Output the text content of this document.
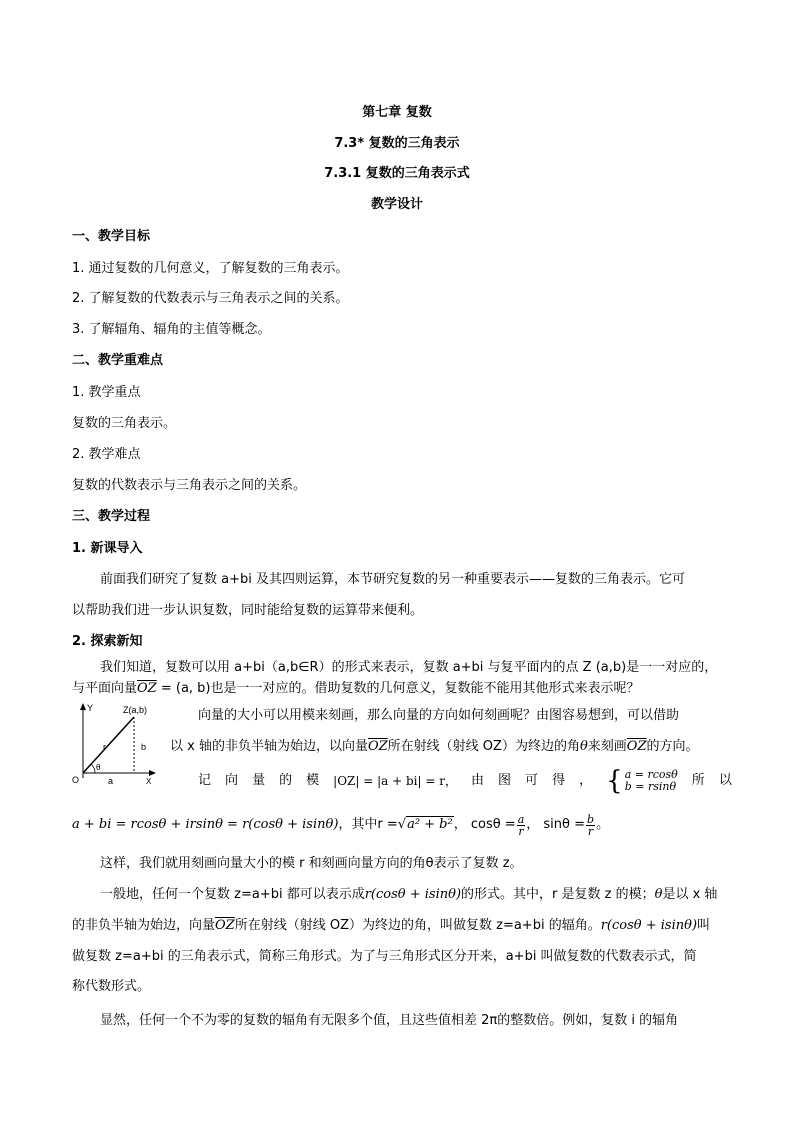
第七章 复数
7.3* 复数的三角表示
7.3.1 复数的三角表示式
教学设计
一、教学目标
1. 通过复数的几何意义，了解复数的三角表示。
2. 了解复数的代数表示与三角表示之间的关系。
3. 了解辐角、辐角的主值等概念。
二、教学重难点
1. 教学重点
复数的三角表示。
2. 教学难点
复数的代数表示与三角表示之间的关系。
三、教学过程
1. 新课导入
前面我们研究了复数 a+bi 及其四则运算，本节研究复数的另一种重要表示——复数的三角表示。它可
以帮助我们进一步认识复数，同时能给复数的运算带来便利。
2. 探索新知
我们知道，复数可以用 a+bi（a,b∈R）的形式来表示，复数 a+bi 与复平面内的点 Z (a,b)是一一对应的，
与平面向量$\overline{OZ} = (a$, b)也是一一对应的。借助复数的几何意义，复数能不能用其他形式来表示呢？
Y
X
O
Z(a,b)
r	b
a
θ
向量的大小可以用模来刻画，那么向量的方向如何刻画呢？由图容易想到，可以借助
以 x 轴的非负半轴为始边，以向量$\overline{OZ}$所在射线（射线 OZ）为终边的角θ来刻画$\overline{OZ}$的方向。
记 向 量 的 模 |OZ| = |a + bi| = r， 由 图 可 得 ， { a = rcosθ
b = rsinθ 所 以
a + bi = rcosθ + irsinθ = r(cosθ + isinθ) ，其中r = √a² + b² ， $\cos\theta = \frac{a}{r}$ ， $\sin\theta = \frac{b}{r}$ 。
这样，我们就用刻画向量大小的模 r 和刻画向量方向的角θ表示了复数 z。
一般地，任何一个复数 z=a+bi 都可以表示成r(cosθ + isinθ)的形式。其中，r 是复数 z 的模；θ是以 x 轴
的非负半轴为始边，向量$\overline{OZ}$所在射线（射线 OZ）为终边的角，叫做复数 z=a+bi 的辐角。r(cosθ + isinθ)叫
做复数 z=a+bi 的三角表示式，简称三角形式。为了与三角形式区分开来，a+bi 叫做复数的代数表示式，简
称代数形式。
显然，任何一个不为零的复数的辐角有无限多个值，且这些值相差 2π的整数倍。例如，复数 i 的辐角
